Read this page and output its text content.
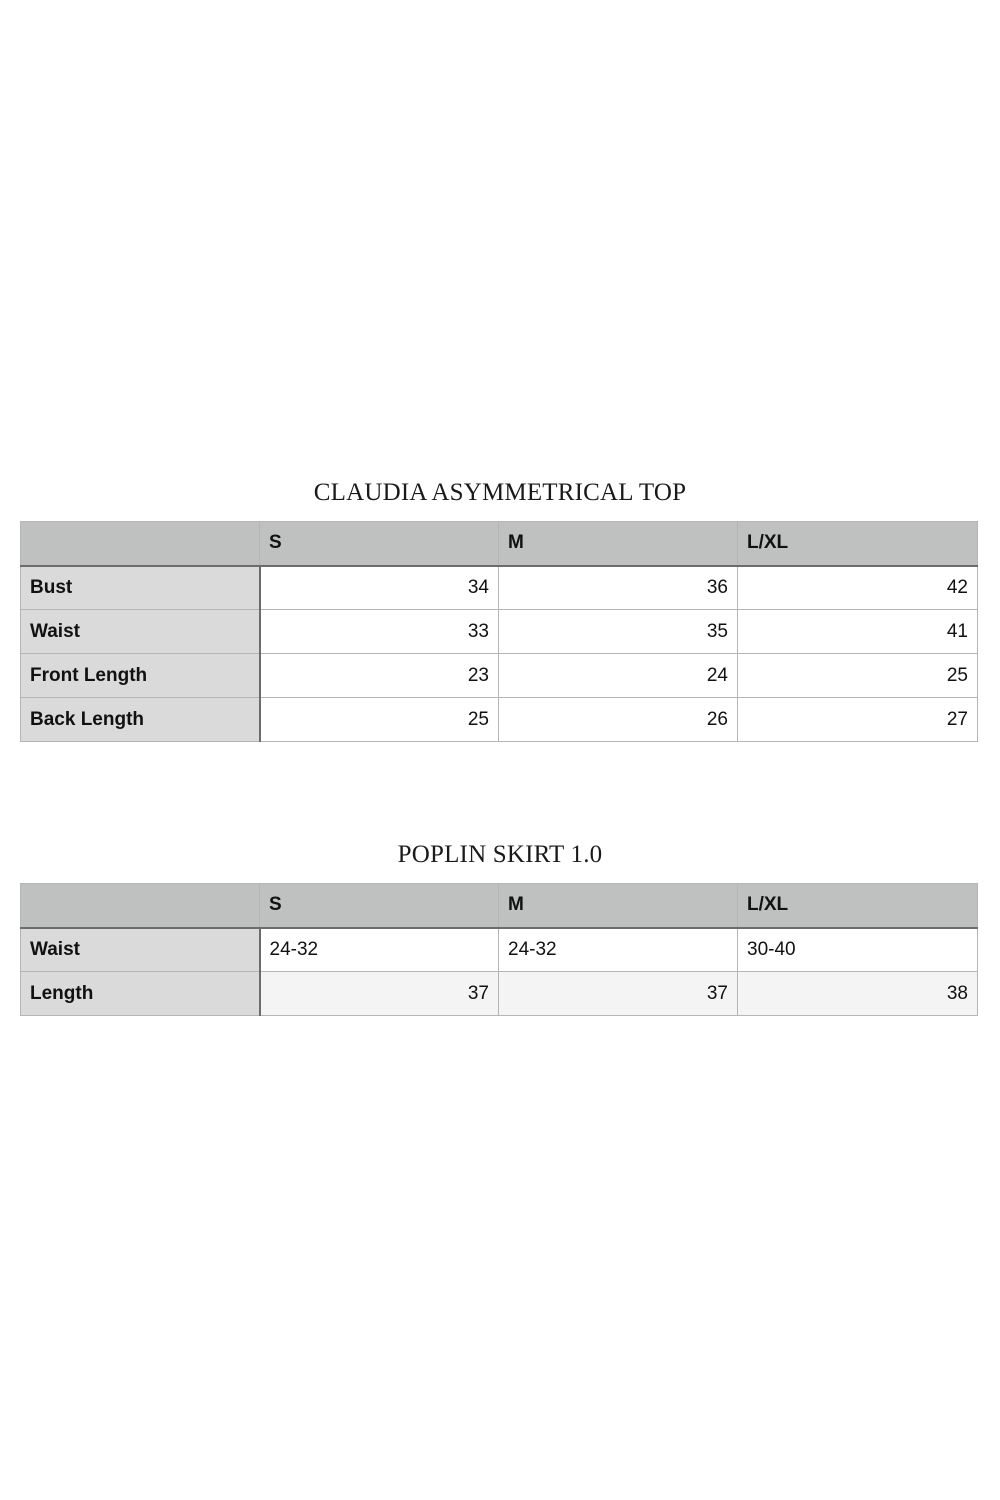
CLAUDIA ASYMMETRICAL TOP
	S	M	L/XL
Bust	34	36	42
Waist	33	35	41
Front Length	23	24	25
Back Length	25	26	27
POPLIN SKIRT 1.0
	S	M	L/XL
Waist	24-32	24-32	30-40
Length	37	37	38
